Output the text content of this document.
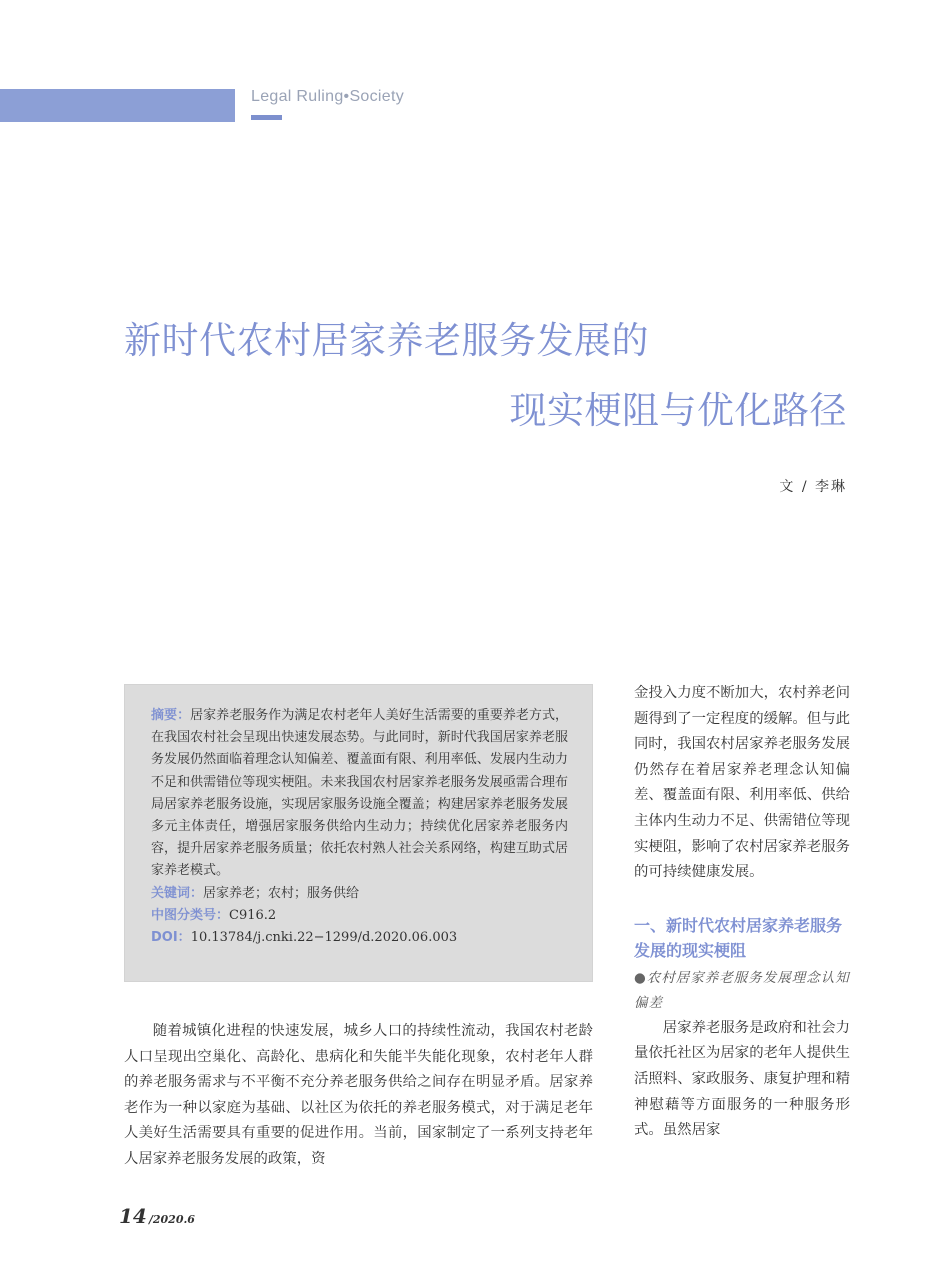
Legal Ruling•Society
新时代农村居家养老服务发展的
现实梗阻与优化路径
文 / 李琳

摘要：居家养老服务作为满足农村老年人美好生活需要的重要养老方式，在我国农村社会呈现出快速发展态势。与此同时，新时代我国居家养老服务发展仍然面临着理念认知偏差、覆盖面有限、利用率低、发展内生动力不足和供需错位等现实梗阻。未来我国农村居家养老服务发展亟需合理布局居家养老服务设施，实现居家服务设施全覆盖；构建居家养老服务发展多元主体责任，增强居家服务供给内生动力；持续优化居家养老服务内容，提升居家养老服务质量；依托农村熟人社会关系网络，构建互助式居家养老模式。

关键词：居家养老；农村；服务供给

中图分类号：C916.2

DOI：10.13784/j.cnki.22−1299/d.2020.06.003

随着城镇化进程的快速发展，城乡人口的持续性流动，我国农村老龄人口呈现出空巢化、高龄化、患病化和失能半失能化现象，农村老年人群的养老服务需求与不平衡不充分养老服务供给之间存在明显矛盾。居家养老作为一种以家庭为基础、以社区为依托的养老服务模式，对于满足老年人美好生活需要具有重要的促进作用。当前，国家制定了一系列支持老年人居家养老服务发展的政策，资

金投入力度不断加大，农村养老问题得到了一定程度的缓解。但与此同时，我国农村居家养老服务发展仍然存在着居家养老理念认知偏差、覆盖面有限、利用率低、供给主体内生动力不足、供需错位等现实梗阻，影响了农村居家养老服务的可持续健康发展。

一、新时代农村居家养老服务发展的现实梗阻

●农村居家养老服务发展理念认知偏差

居家养老服务是政府和社会力量依托社区为居家的老年人提供生活照料、家政服务、康复护理和精神慰藉等方面服务的一种服务形式。虽然居家

14 /2020.6
